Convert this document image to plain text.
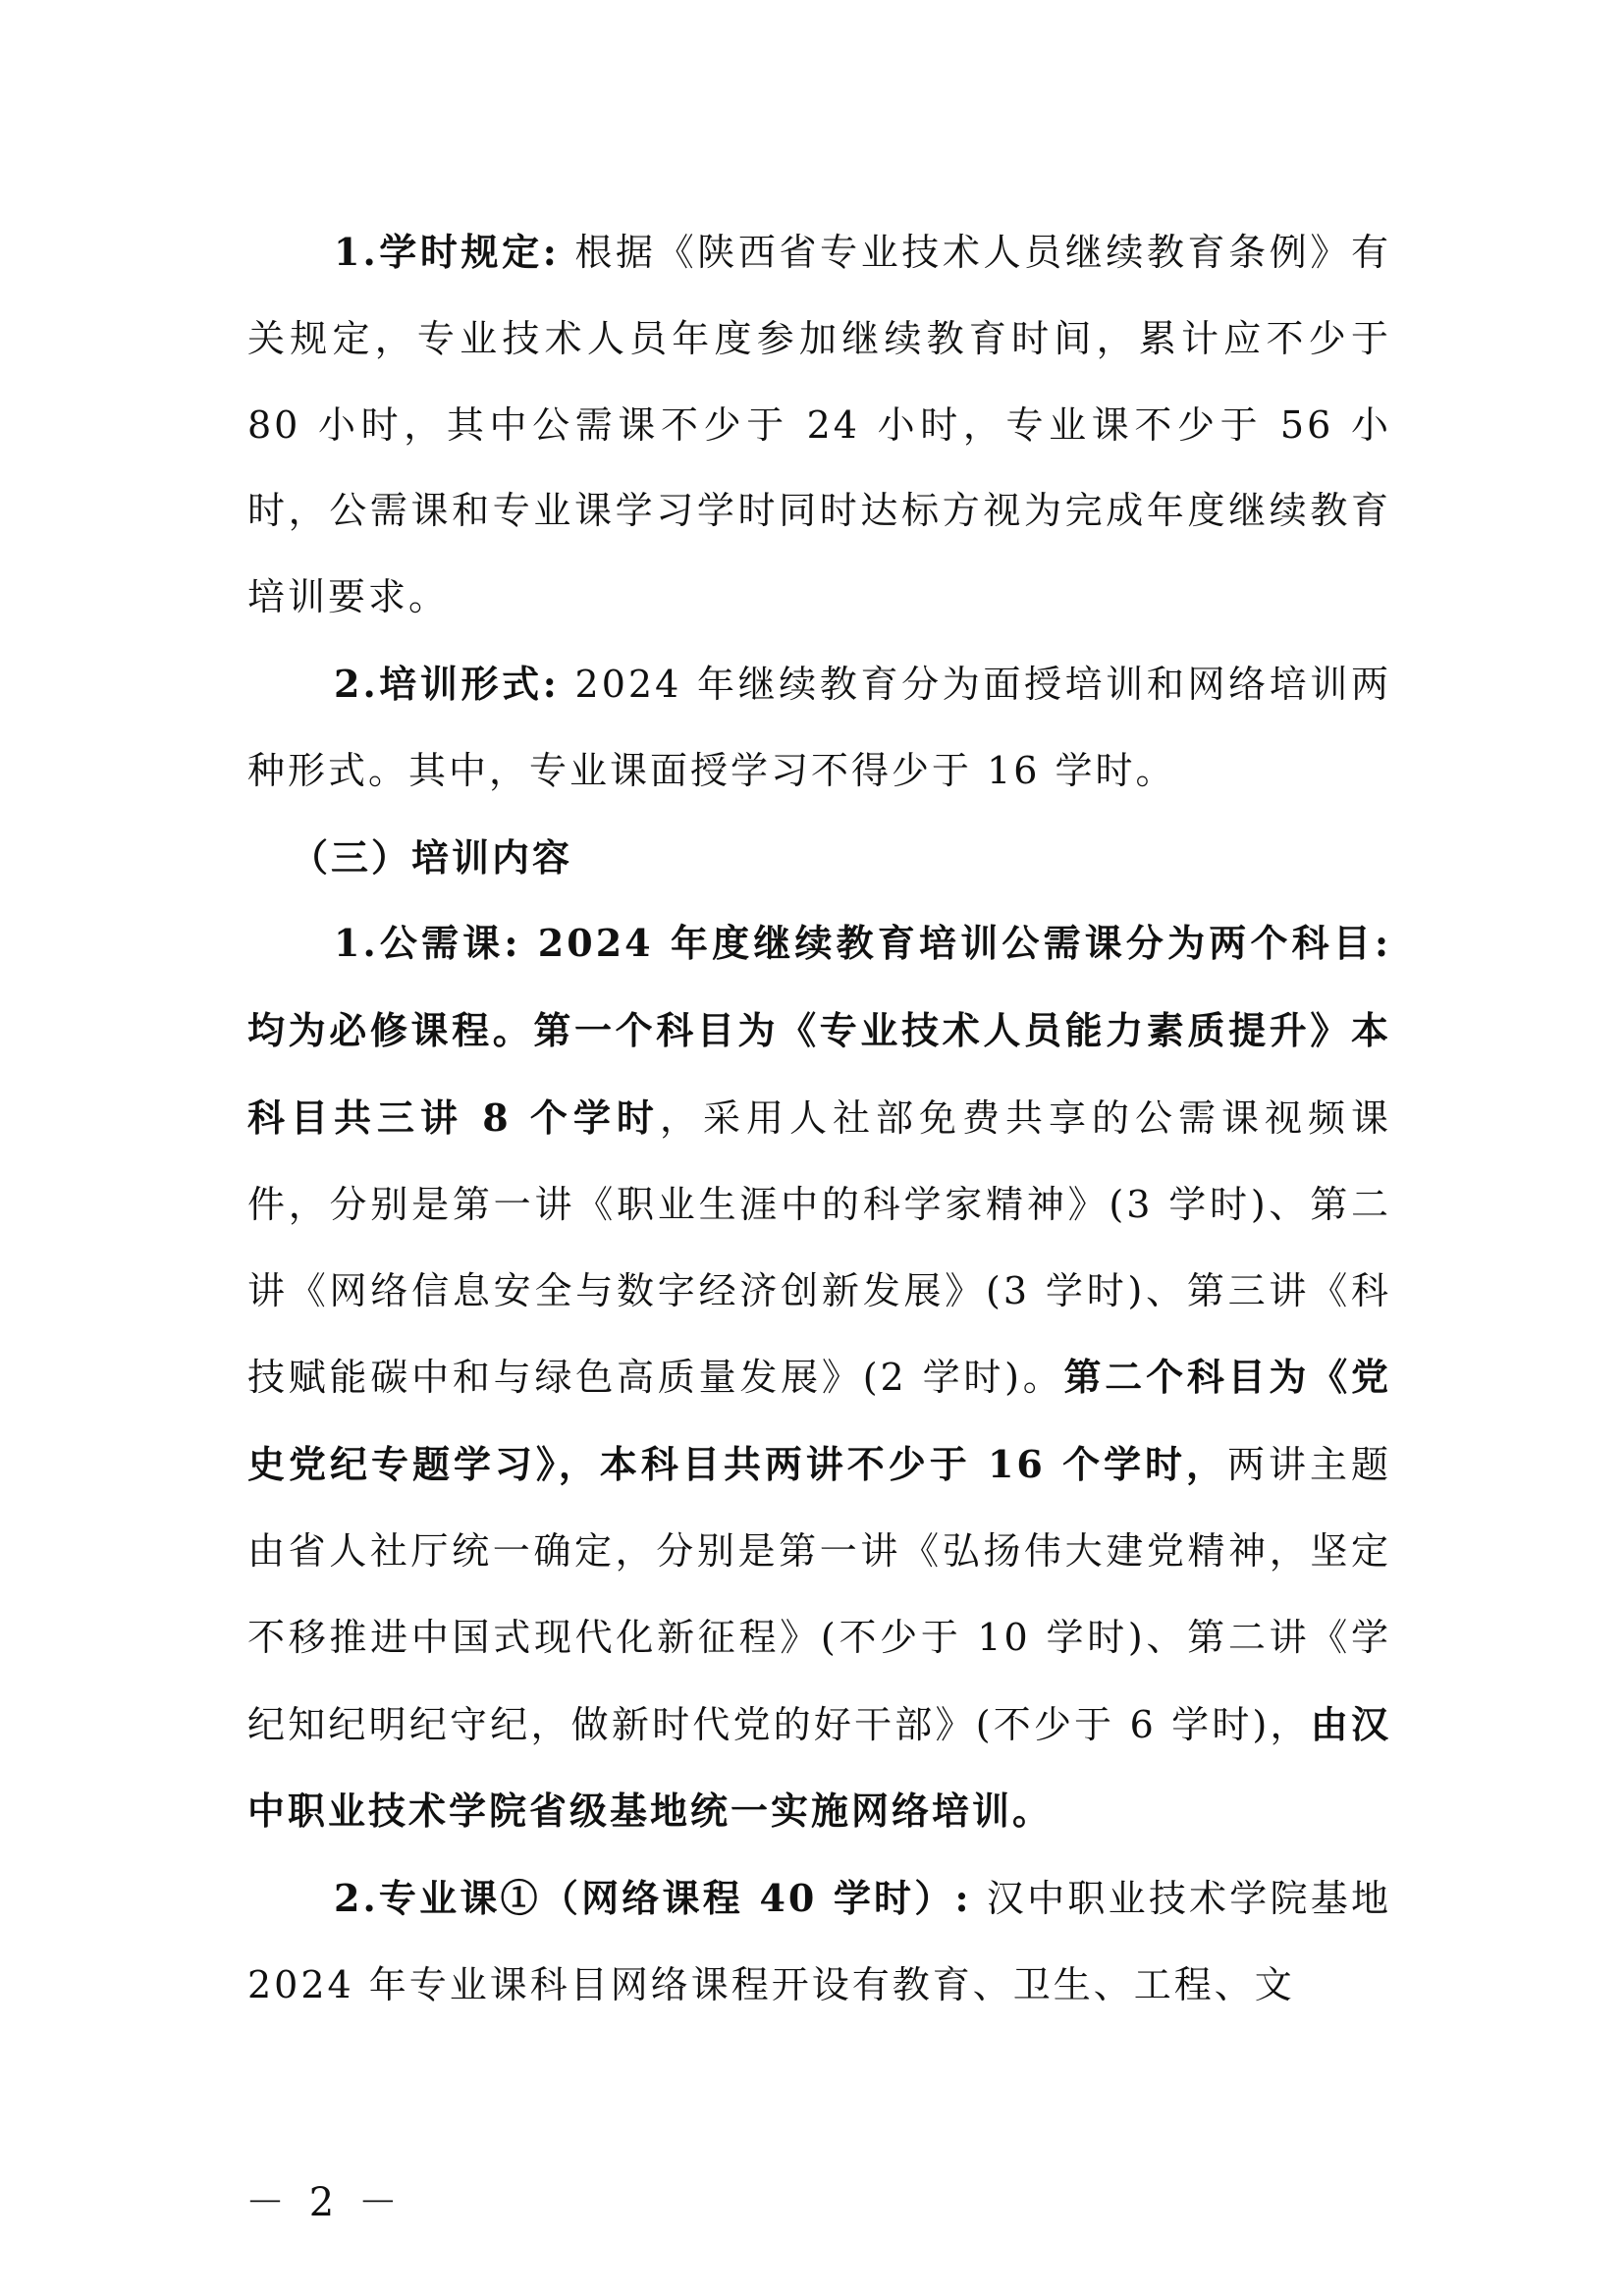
1.学时规定: 根据《陕西省专业技术人员继续教育条例》有关规定，专业技术人员年度参加继续教育时间，累计应不少于 80 小时，其中公需课不少于 24 小时，专业课不少于 56 小时，公需课和专业课学习学时同时达标方视为完成年度继续教育培训要求。

2.培训形式: 2024 年继续教育分为面授培训和网络培训两种形式。其中，专业课面授学习不得少于 16 学时。

（三）培训内容

1.公需课: 2024 年度继续教育培训公需课分为两个科目:均为必修课程。第一个科目为《专业技术人员能力素质提升》本科目共三讲 8 个学时，采用人社部免费共享的公需课视频课件，分别是第一讲《职业生涯中的科学家精神》(3 学时)、第二讲《网络信息安全与数字经济创新发展》(3 学时)、第三讲《科技赋能碳中和与绿色高质量发展》(2 学时)。第二个科目为《党史党纪专题学习》，本科目共两讲不少于 16 个学时，两讲主题由省人社厅统一确定，分别是第一讲《弘扬伟大建党精神，坚定不移推进中国式现代化新征程》(不少于 10 学时)、第二讲《学纪知纪明纪守纪，做新时代党的好干部》(不少于 6 学时)，由汉中职业技术学院省级基地统一实施网络培训。

2.专业课①（网络课程 40 学时）: 汉中职业技术学院基地 2024 年专业课科目网络课程开设有教育、卫生、工程、文

－ 2 －
